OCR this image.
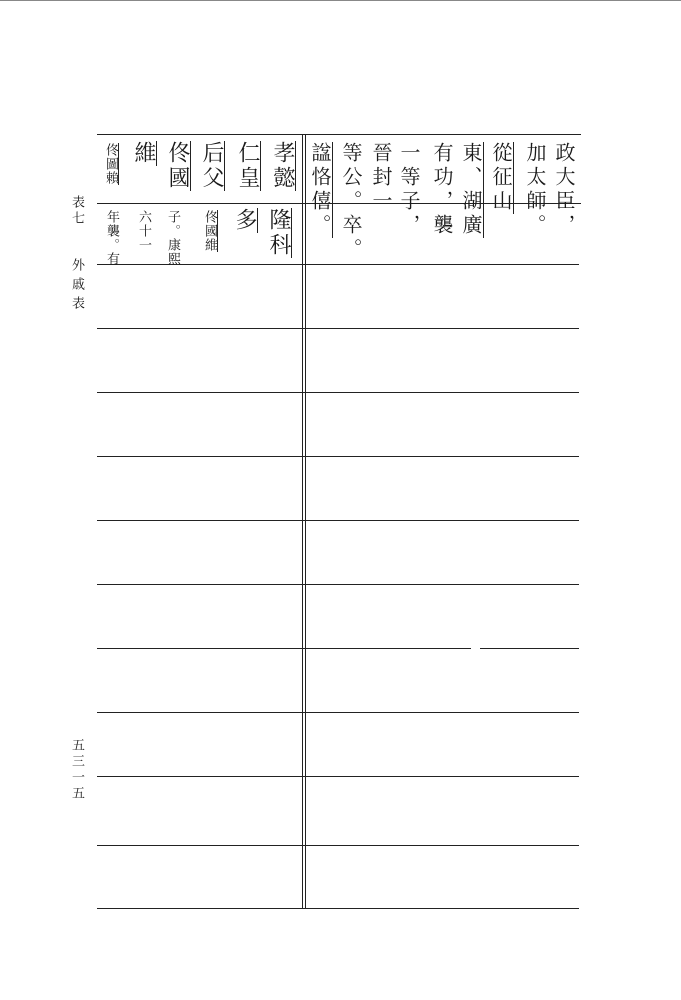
表七
外戚表
五三一五
孝懿
仁皇
后父
佟國
維
佟圖賴
隆科
多
佟國維
子。康熙
六十一
年襲。有	政大臣，
加太師。
從征山
東、湖廣
有功，襲
一等子，
晉封一
等公。卒。
諡恪僖。
